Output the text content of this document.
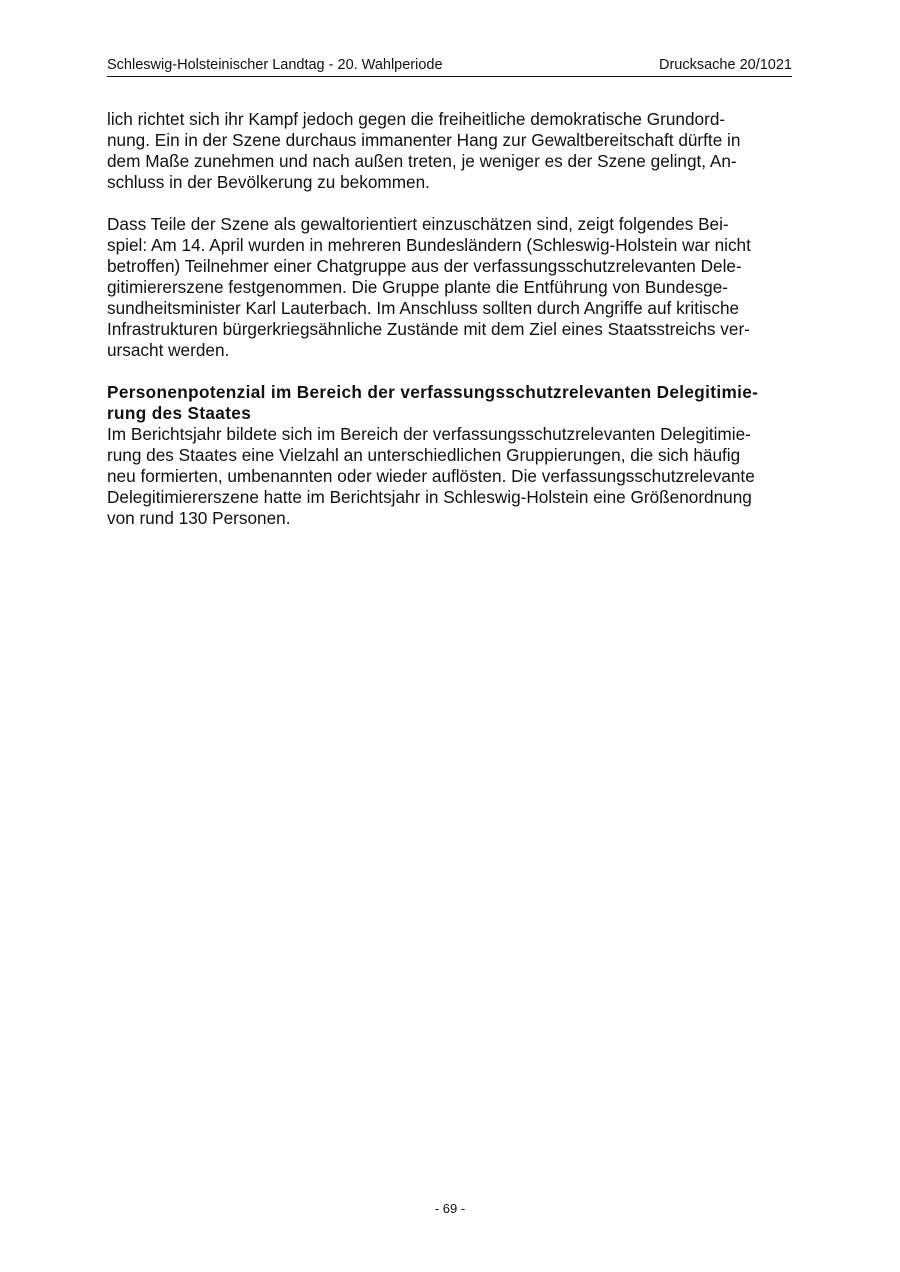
Schleswig-Holsteinischer Landtag - 20. Wahlperiode	Drucksache 20/1021

lich richtet sich ihr Kampf jedoch gegen die freiheitliche demokratische Grundord-
nung. Ein in der Szene durchaus immanenter Hang zur Gewaltbereitschaft dürfte in
dem Maße zunehmen und nach außen treten, je weniger es der Szene gelingt, An-
schluss in der Bevölkerung zu bekommen.

Dass Teile der Szene als gewaltorientiert einzuschätzen sind, zeigt folgendes Bei-
spiel: Am 14. April wurden in mehreren Bundesländern (Schleswig-Holstein war nicht
betroffen) Teilnehmer einer Chatgruppe aus der verfassungsschutzrelevanten Dele-
gitimiererszene festgenommen. Die Gruppe plante die Entführung von Bundesge-
sundheitsminister Karl Lauterbach. Im Anschluss sollten durch Angriffe auf kritische
Infrastrukturen bürgerkriegsähnliche Zustände mit dem Ziel eines Staatsstreichs ver-
ursacht werden.

Personenpotenzial im Bereich der verfassungsschutzrelevanten Delegitimie-
rung des Staates

Im Berichtsjahr bildete sich im Bereich der verfassungsschutzrelevanten Delegitimie-
rung des Staates eine Vielzahl an unterschiedlichen Gruppierungen, die sich häufig
neu formierten, umbenannten oder wieder auflösten. Die verfassungsschutzrelevante
Delegitimiererszene hatte im Berichtsjahr in Schleswig-Holstein eine Größenordnung
von rund 130 Personen.

- 69 -
